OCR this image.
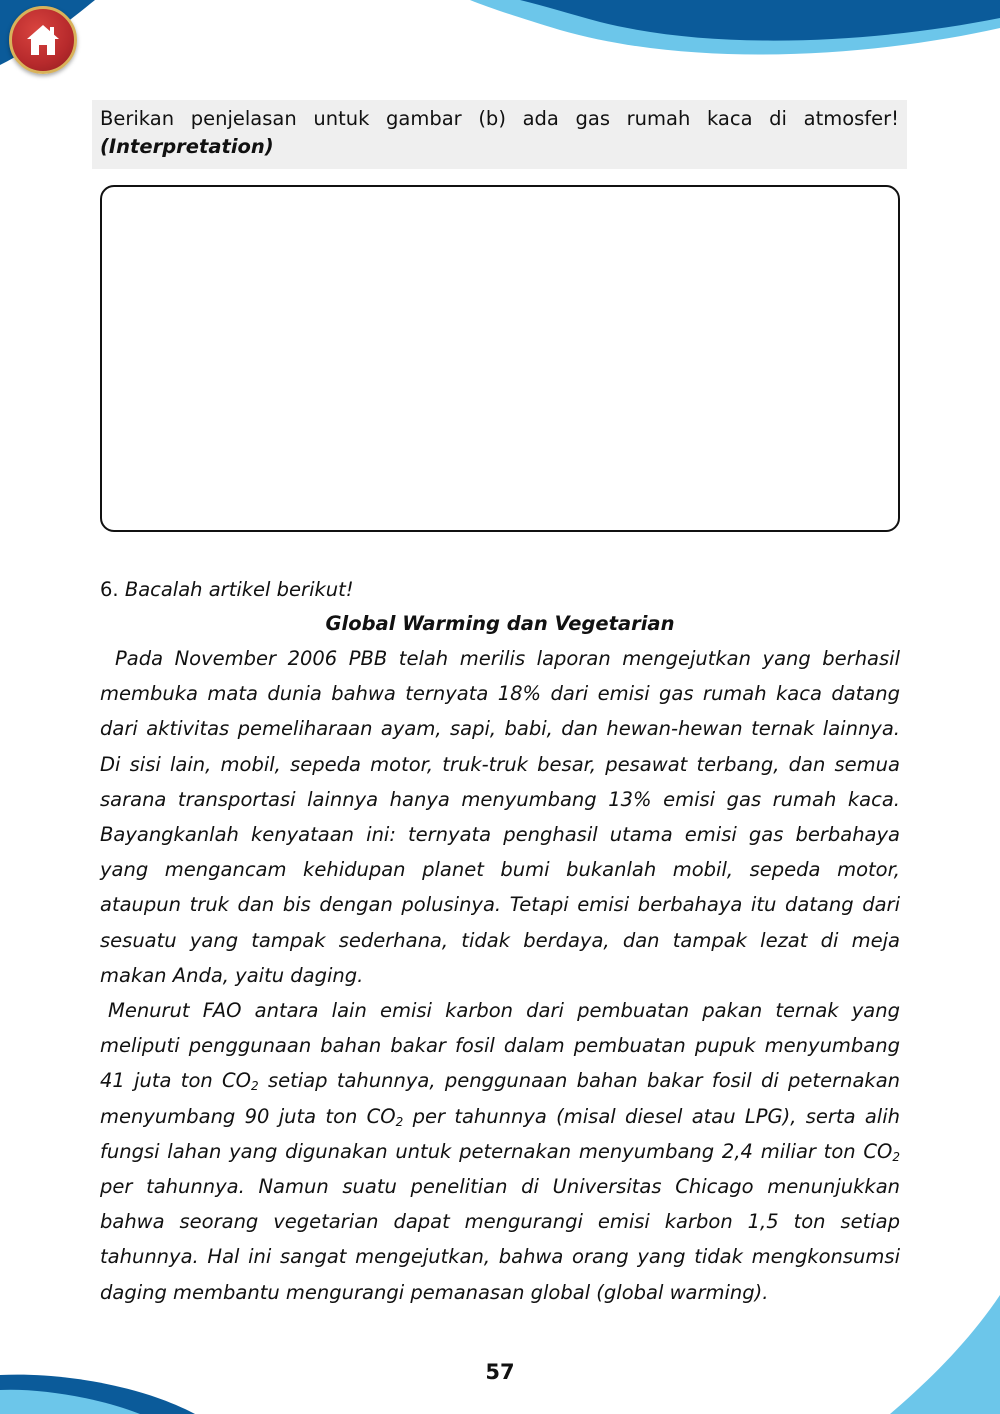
Berikan penjelasan untuk gambar (b) ada gas rumah kaca di atmosfer!
(Interpretation)
6. Bacalah artikel berikut!

Global Warming dan Vegetarian

Pada November 2006 PBB telah merilis laporan mengejutkan yang berhasil membuka mata dunia bahwa ternyata 18% dari emisi gas rumah kaca datang dari aktivitas pemeliharaan ayam, sapi, babi, dan hewan-hewan ternak lainnya. Di sisi lain, mobil, sepeda motor, truk-truk besar, pesawat terbang, dan semua sarana transportasi lainnya hanya menyumbang 13% emisi gas rumah kaca. Bayangkanlah kenyataan ini: ternyata penghasil utama emisi gas berbahaya yang mengancam kehidupan planet bumi bukanlah mobil, sepeda motor, ataupun truk dan bis dengan polusinya. Tetapi emisi berbahaya itu datang dari sesuatu yang tampak sederhana, tidak berdaya, dan tampak lezat di meja makan Anda, yaitu daging.

Menurut FAO antara lain emisi karbon dari pembuatan pakan ternak yang meliputi penggunaan bahan bakar fosil dalam pembuatan pupuk menyumbang 41 juta ton $CO_2$ setiap tahunnya, penggunaan bahan bakar fosil di peternakan menyumbang 90 juta ton $CO_2$ per tahunnya (misal diesel atau LPG), serta alih fungsi lahan yang digunakan untuk peternakan menyumbang 2,4 miliar ton $CO_2$ per tahunnya. Namun suatu penelitian di Universitas Chicago menunjukkan bahwa seorang vegetarian dapat mengurangi emisi karbon 1,5 ton setiap tahunnya. Hal ini sangat mengejutkan, bahwa orang yang tidak mengkonsumsi daging membantu mengurangi pemanasan global (global warming).

57
